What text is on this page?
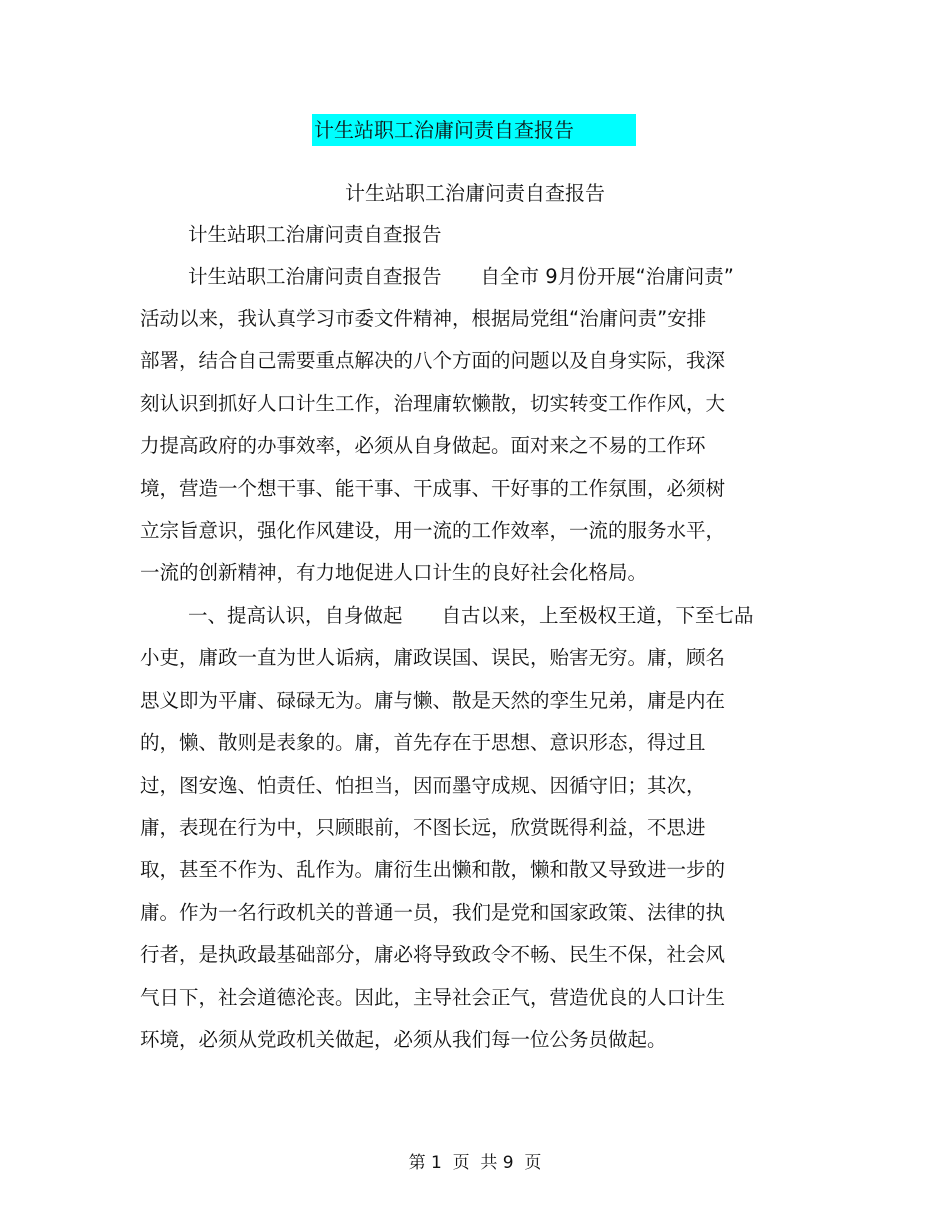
计生站职工治庸问责自查报告
计生站职工治庸问责自查报告
计生站职工治庸问责自查报告
计生站职工治庸问责自查报告　　自全市 9月份开展“治庸问责”
活动以来，我认真学习市委文件精神，根据局党组“治庸问责”安排
部署，结合自己需要重点解决的八个方面的问题以及自身实际，我深
刻认识到抓好人口计生工作，治理庸软懒散，切实转变工作作风，大
力提高政府的办事效率，必须从自身做起。面对来之不易的工作环
境，营造一个想干事、能干事、干成事、干好事的工作氛围，必须树
立宗旨意识，强化作风建设，用一流的工作效率，一流的服务水平，
一流的创新精神，有力地促进人口计生的良好社会化格局。
一、提高认识，自身做起　　自古以来，上至极权王道，下至七品
小吏，庸政一直为世人诟病，庸政误国、误民，贻害无穷。庸，顾名
思义即为平庸、碌碌无为。庸与懒、散是天然的孪生兄弟，庸是内在
的，懒、散则是表象的。庸，首先存在于思想、意识形态，得过且
过，图安逸、怕责任、怕担当，因而墨守成规、因循守旧；其次，
庸，表现在行为中，只顾眼前，不图长远，欣赏既得利益，不思进
取，甚至不作为、乱作为。庸衍生出懒和散，懒和散又导致进一步的
庸。作为一名行政机关的普通一员，我们是党和国家政策、法律的执
行者，是执政最基础部分，庸必将导致政令不畅、民生不保，社会风
气日下，社会道德沦丧。因此，主导社会正气，营造优良的人口计生
环境，必须从党政机关做起，必须从我们每一位公务员做起。
第 1  页  共 9  页
